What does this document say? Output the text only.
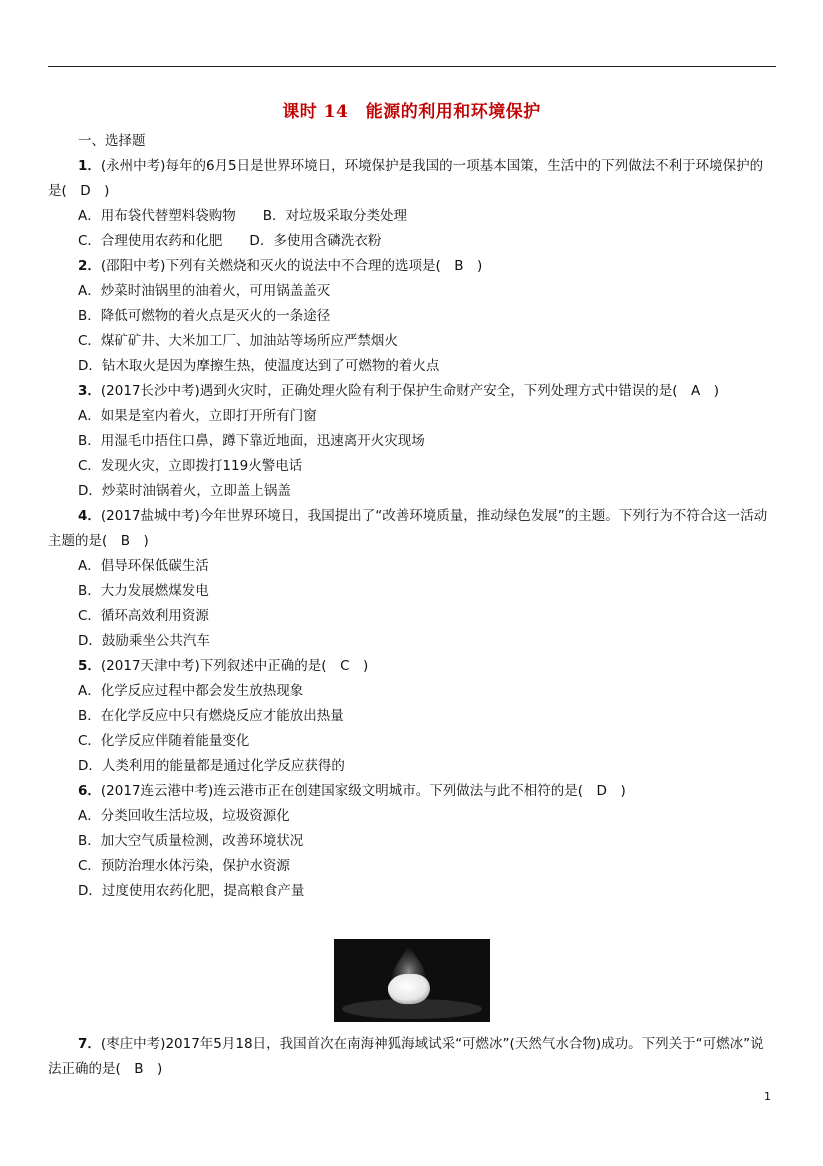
课时 14　能源的利用和环境保护
一、选择题
1．(永州中考)每年的6月5日是世界环境日，环境保护是我国的一项基本国策，生活中的下列做法不利于环境保护的是(　D　)
A．用布袋代替塑料袋购物　　B．对垃圾采取分类处理
C．合理使用农药和化肥　　D．多使用含磷洗衣粉
2．(邵阳中考)下列有关燃烧和灭火的说法中不合理的选项是(　B　)
A．炒菜时油锅里的油着火，可用锅盖盖灭
B．降低可燃物的着火点是灭火的一条途径
C．煤矿矿井、大米加工厂、加油站等场所应严禁烟火
D．钻木取火是因为摩擦生热，使温度达到了可燃物的着火点
3．(2017长沙中考)遇到火灾时，正确处理火险有利于保护生命财产安全，下列处理方式中错误的是(　A　)
A．如果是室内着火，立即打开所有门窗
B．用湿毛巾捂住口鼻，蹲下靠近地面，迅速离开火灾现场
C．发现火灾，立即拨打119火警电话
D．炒菜时油锅着火，立即盖上锅盖
4．(2017盐城中考)今年世界环境日，我国提出了“改善环境质量，推动绿色发展”的主题。下列行为不符合这一活动主题的是(　B　)
A．倡导环保低碳生活
B．大力发展燃煤发电
C．循环高效利用资源
D．鼓励乘坐公共汽车
5．(2017天津中考)下列叙述中正确的是(　C　)
A．化学反应过程中都会发生放热现象
B．在化学反应中只有燃烧反应才能放出热量
C．化学反应伴随着能量变化
D．人类利用的能量都是通过化学反应获得的
6．(2017连云港中考)连云港市正在创建国家级文明城市。下列做法与此不相符的是(　D　)
A．分类回收生活垃圾，垃圾资源化
B．加大空气质量检测，改善环境状况
C．预防治理水体污染，保护水资源
D．过度使用农药化肥，提高粮食产量
7．(枣庄中考)2017年5月18日，我国首次在南海神狐海域试采“可燃冰”(天然气水合物)成功。下列关于“可燃冰”说法正确的是(　B　)
1
